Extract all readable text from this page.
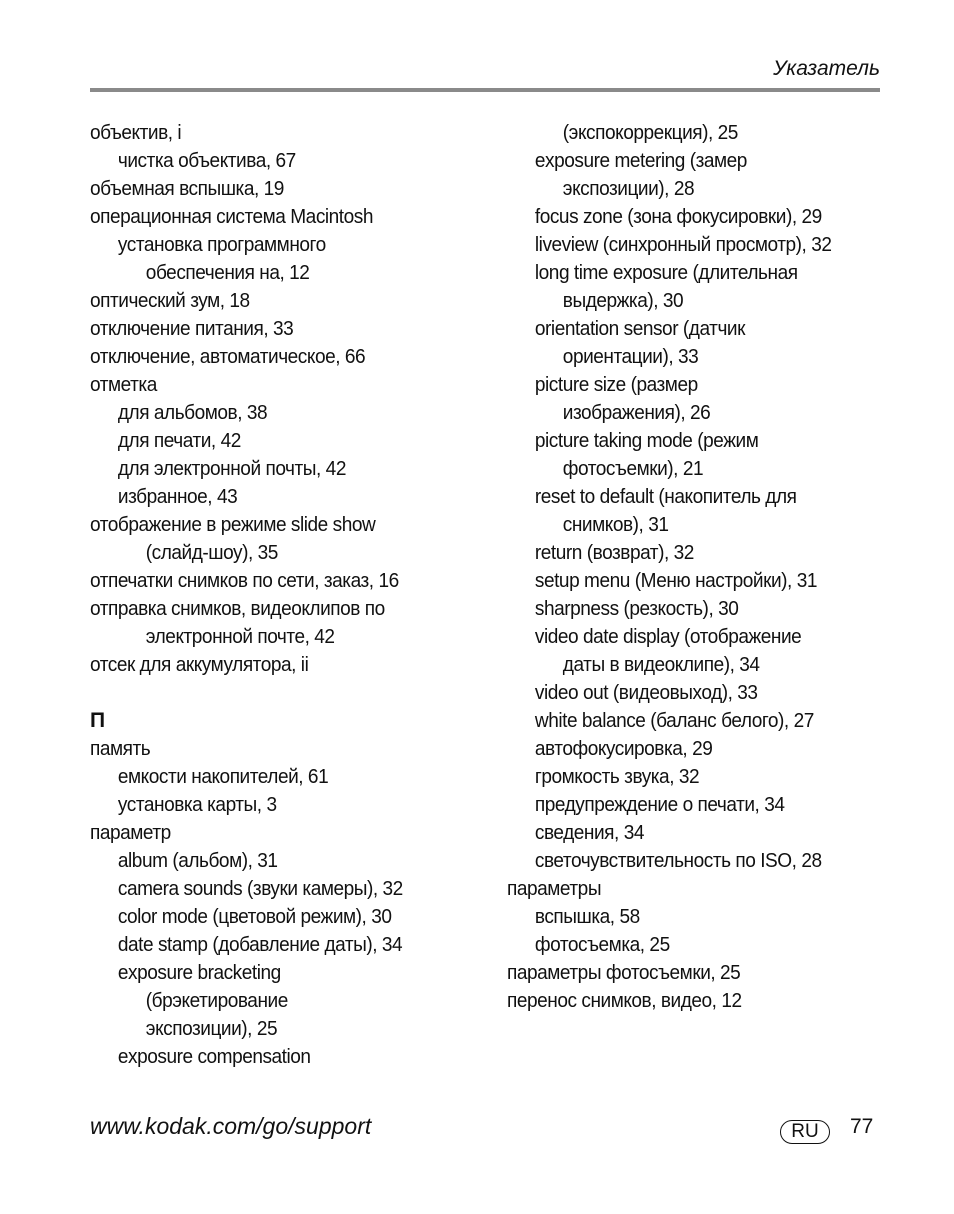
Указатель
объектив, i
чистка объектива, 67
объемная вспышка, 19
операционная система Macintosh
установка программного
обеспечения на, 12
оптический зум, 18
отключение питания, 33
отключение, автоматическое, 66
отметка
для альбомов, 38
для печати, 42
для электронной почты, 42
избранное, 43
отображение в режиме slide show
(слайд-шоу), 35
отпечатки снимков по сети, заказ, 16
отправка снимков, видеоклипов по
электронной почте, 42
отсек для аккумулятора, ii
П
память
емкости накопителей, 61
установка карты, 3
параметр
album (альбом), 31
camera sounds (звуки камеры), 32
color mode (цветовой режим), 30
date stamp (добавление даты), 34
exposure bracketing
(брэкетирование
экспозиции), 25
exposure compensation
(экспокоррекция), 25
exposure metering (замер
экспозиции), 28
focus zone (зона фокусировки), 29
liveview (синхронный просмотр), 32
long time exposure (длительная
выдержка), 30
orientation sensor (датчик
ориентации), 33
picture size (размер
изображения), 26
picture taking mode (режим
фотосъемки), 21
reset to default (накопитель для
снимков), 31
return (возврат), 32
setup menu (Меню настройки), 31
sharpness (резкость), 30
video date display (отображение
даты в видеоклипе), 34
video out (видеовыход), 33
white balance (баланс белого), 27
автофокусировка, 29
громкость звука, 32
предупреждение о печати, 34
сведения, 34
светочувствительность по ISO, 28
параметры
вспышка, 58
фотосъемка, 25
параметры фотосъемки, 25
перенос снимков, видео, 12
www.kodak.com/go/support	RU	77
